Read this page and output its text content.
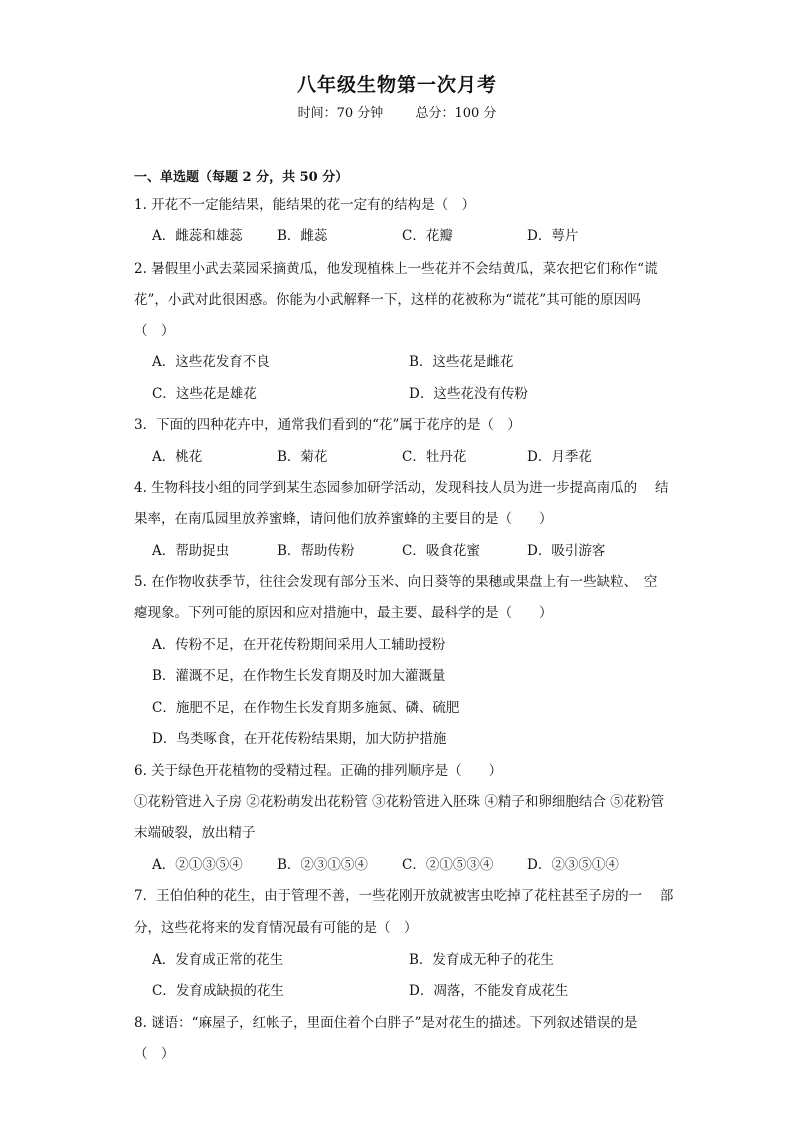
八年级生物第一次月考
时间：70 分钟 总分：100 分
一、单选题（每题 2 分，共 50 分）
1. 开花不一定能结果，能结果的花一定有的结构是（　）
A．雌蕊和雄蕊	B．雌蕊	C．花瓣	D．萼片
2. 暑假里小武去菜园采摘黄瓜，他发现植株上一些花并不会结黄瓜，菜农把它们称作“谎
花”，小武对此很困惑。你能为小武解释一下，这样的花被称为“谎花”其可能的原因吗
（　）
A．这些花发育不良	B．这些花是雌花
C．这些花是雄花	D．这些花没有传粉
3．下面的四种花卉中，通常我们看到的“花”属于花序的是（　）
A．桃花	B．菊花	C．牡丹花	D．月季花
4. 生物科技小组的同学到某生态园参加研学活动，发现科技人员为进一步提高南瓜的　 结
果率，在南瓜园里放养蜜蜂，请问他们放养蜜蜂的主要目的是（　　）
A．帮助捉虫	B．帮助传粉	C．吸食花蜜	D．吸引游客
5. 在作物收获季节，往往会发现有部分玉米、向日葵等的果穗或果盘上有一些缺粒、　空
瘪现象。下列可能的原因和应对措施中，最主要、最科学的是（　　）
A．传粉不足，在开花传粉期间采用人工辅助授粉
B．灌溉不足，在作物生长发育期及时加大灌溉量
C．施肥不足，在作物生长发育期多施氮、磷、硫肥
D．鸟类啄食，在开花传粉结果期，加大防护措施
6. 关于绿色开花植物的受精过程。正确的排列顺序是（　　）
①花粉管进入子房 ②花粉萌发出花粉管 ③花粉管进入胚珠 ④精子和卵细胞结合 ⑤花粉管
末端破裂，放出精子
A．②①③⑤④	B．②③①⑤④	C．②①⑤③④	D．②③⑤①④
7．王伯伯种的花生，由于管理不善，一些花刚开放就被害虫吃掉了花柱甚至子房的一　 部
分，这些花将来的发育情况最有可能的是（　）
A．发育成正常的花生	B．发育成无种子的花生
C．发育成缺损的花生	D．凋落，不能发育成花生
8. 谜语：“麻屋子，红帐子，里面住着个白胖子”是对花生的描述。下列叙述错误的是
（　）
